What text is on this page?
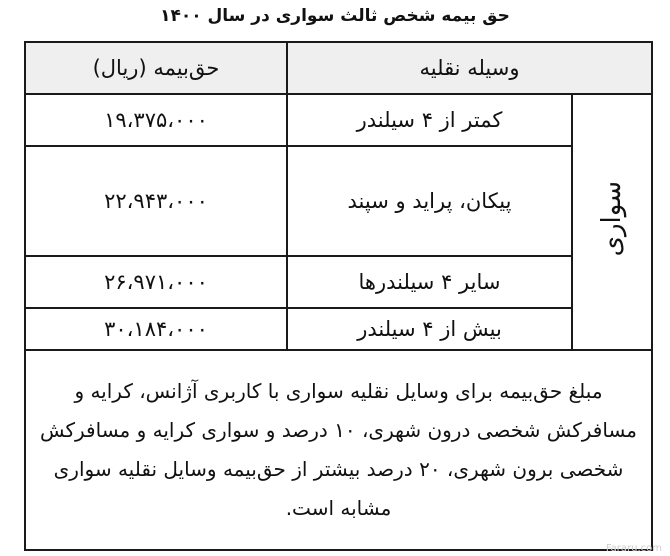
حق بیمه شخص ثالث سواری در سال ۱۴۰۰
وسیله نقلیه		حق‌بیمه (ریال)
سواری	کمتر از ۴ سیلندر	۱۹،۳۷۵،۰۰۰
	پیکان، پراید و سپند	۲۲،۹۴۳،۰۰۰
	سایر ۴ سیلندرها	۲۶،۹۷۱،۰۰۰
	بیش از ۴ سیلندر	۳۰،۱۸۴،۰۰۰
مبلغ حق‌بیمه برای وسایل نقلیه سواری با کاربری آژانس، کرایه و مسافرکش شخصی درون شهری، ۱۰ درصد و سواری کرایه و مسافرکش شخصی برون شهری، ۲۰ درصد بیشتر از حق‌بیمه وسایل نقلیه سواری مشابه است.		
Fararu.com
